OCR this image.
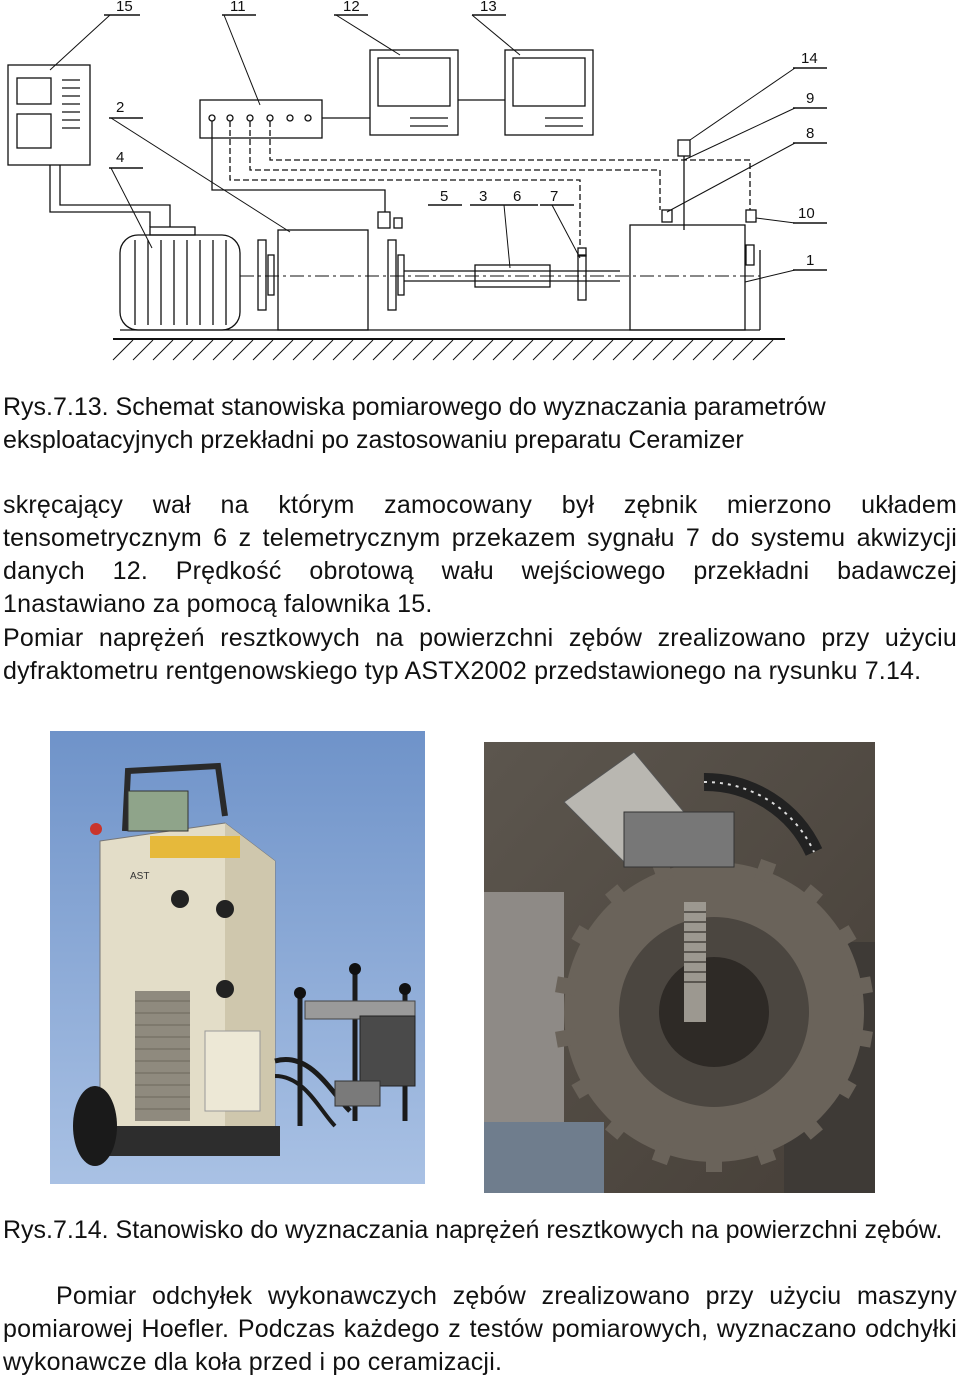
15	11	12	13
14
2
9
8
4
5 3 6 7
10
1

Rys.7.13. Schemat stanowiska pomiarowego do wyznaczania parametrów eksploatacyjnych przekładni po zastosowaniu preparatu Ceramizer

skręcający wał na którym zamocowany był zębnik mierzono układem tensometrycznym 6 z telemetrycznym przekazem sygnału 7 do systemu akwizycji danych 12. Prędkość obrotową wału wejściowego przekładni badawczej 1nastawiano za pomocą falownika 15.

Pomiar naprężeń resztkowych na powierzchni zębów zrealizowano przy użyciu dyfraktometru rentgenowskiego typ ASTX2002 przedstawionego na rysunku 7.14.

AST

Rys.7.14. Stanowisko do wyznaczania naprężeń resztkowych na powierzchni zębów.

Pomiar odchyłek wykonawczych zębów zrealizowano przy użyciu maszyny pomiarowej Hoefler. Podczas każdego z testów pomiarowych, wyznaczano odchyłki wykonawcze dla koła przed i po ceramizacji.
